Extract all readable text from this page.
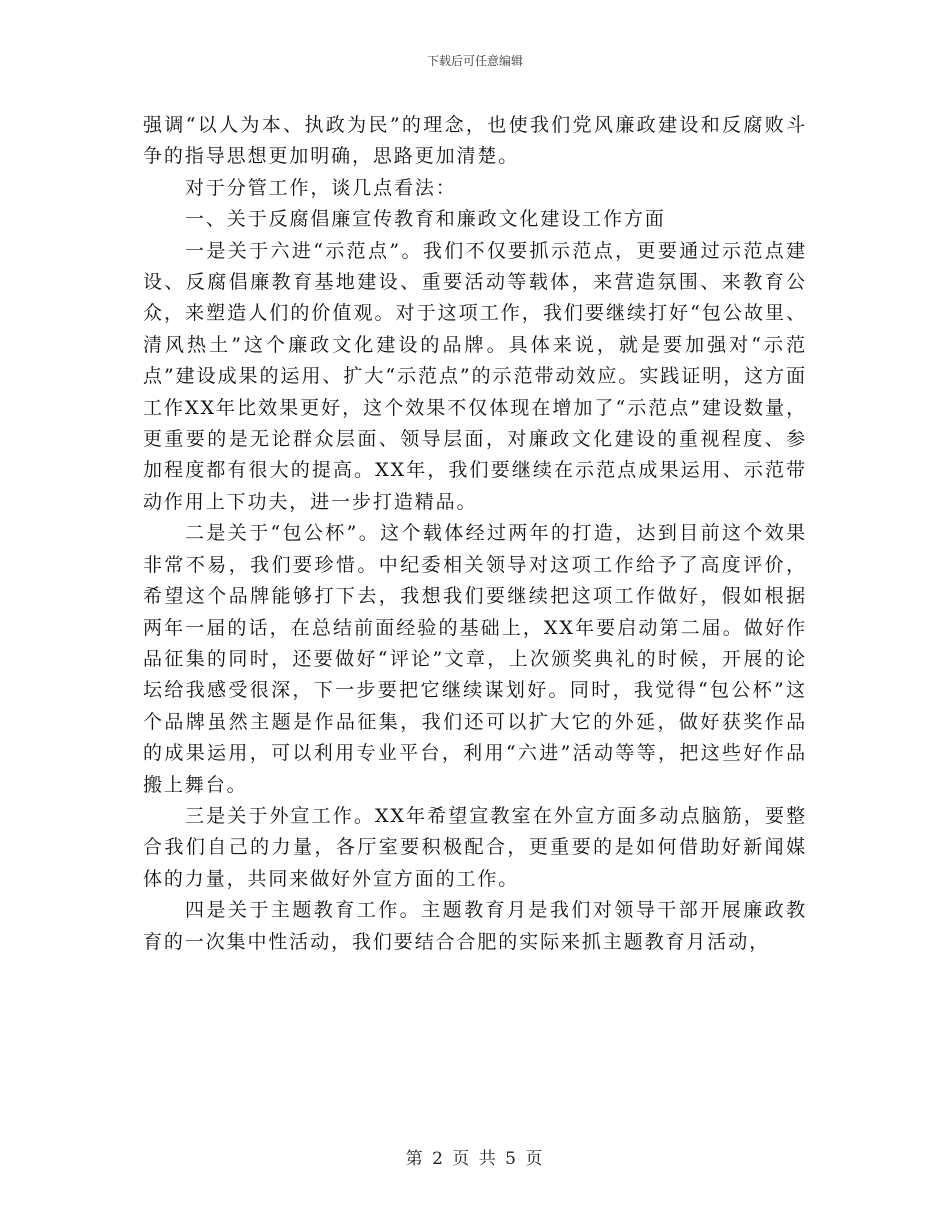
下载后可任意编辑

强调“以人为本、执政为民”的理念，也使我们党风廉政建设和反腐败斗争的指导思想更加明确，思路更加清楚。

对于分管工作，谈几点看法：

一、关于反腐倡廉宣传教育和廉政文化建设工作方面

一是关于六进“示范点”。我们不仅要抓示范点，更要通过示范点建设、反腐倡廉教育基地建设、重要活动等载体，来营造氛围、来教育公众，来塑造人们的价值观。对于这项工作，我们要继续打好“包公故里、清风热土”这个廉政文化建设的品牌。具体来说，就是要加强对“示范点”建设成果的运用、扩大“示范点”的示范带动效应。实践证明，这方面工作XX年比效果更好，这个效果不仅体现在增加了“示范点”建设数量，更重要的是无论群众层面、领导层面，对廉政文化建设的重视程度、参加程度都有很大的提高。XX年，我们要继续在示范点成果运用、示范带动作用上下功夫，进一步打造精品。

二是关于“包公杯”。这个载体经过两年的打造，达到目前这个效果非常不易，我们要珍惜。中纪委相关领导对这项工作给予了高度评价，希望这个品牌能够打下去，我想我们要继续把这项工作做好，假如根据两年一届的话，在总结前面经验的基础上，XX年要启动第二届。做好作品征集的同时，还要做好“评论”文章，上次颁奖典礼的时候，开展的论坛给我感受很深，下一步要把它继续谋划好。同时，我觉得“包公杯”这个品牌虽然主题是作品征集，我们还可以扩大它的外延，做好获奖作品的成果运用，可以利用专业平台，利用“六进”活动等等，把这些好作品搬上舞台。

三是关于外宣工作。XX年希望宣教室在外宣方面多动点脑筋，要整合我们自己的力量，各厅室要积极配合，更重要的是如何借助好新闻媒体的力量，共同来做好外宣方面的工作。

四是关于主题教育工作。主题教育月是我们对领导干部开展廉政教育的一次集中性活动，我们要结合合肥的实际来抓主题教育月活动，

第 2 页 共 5 页
